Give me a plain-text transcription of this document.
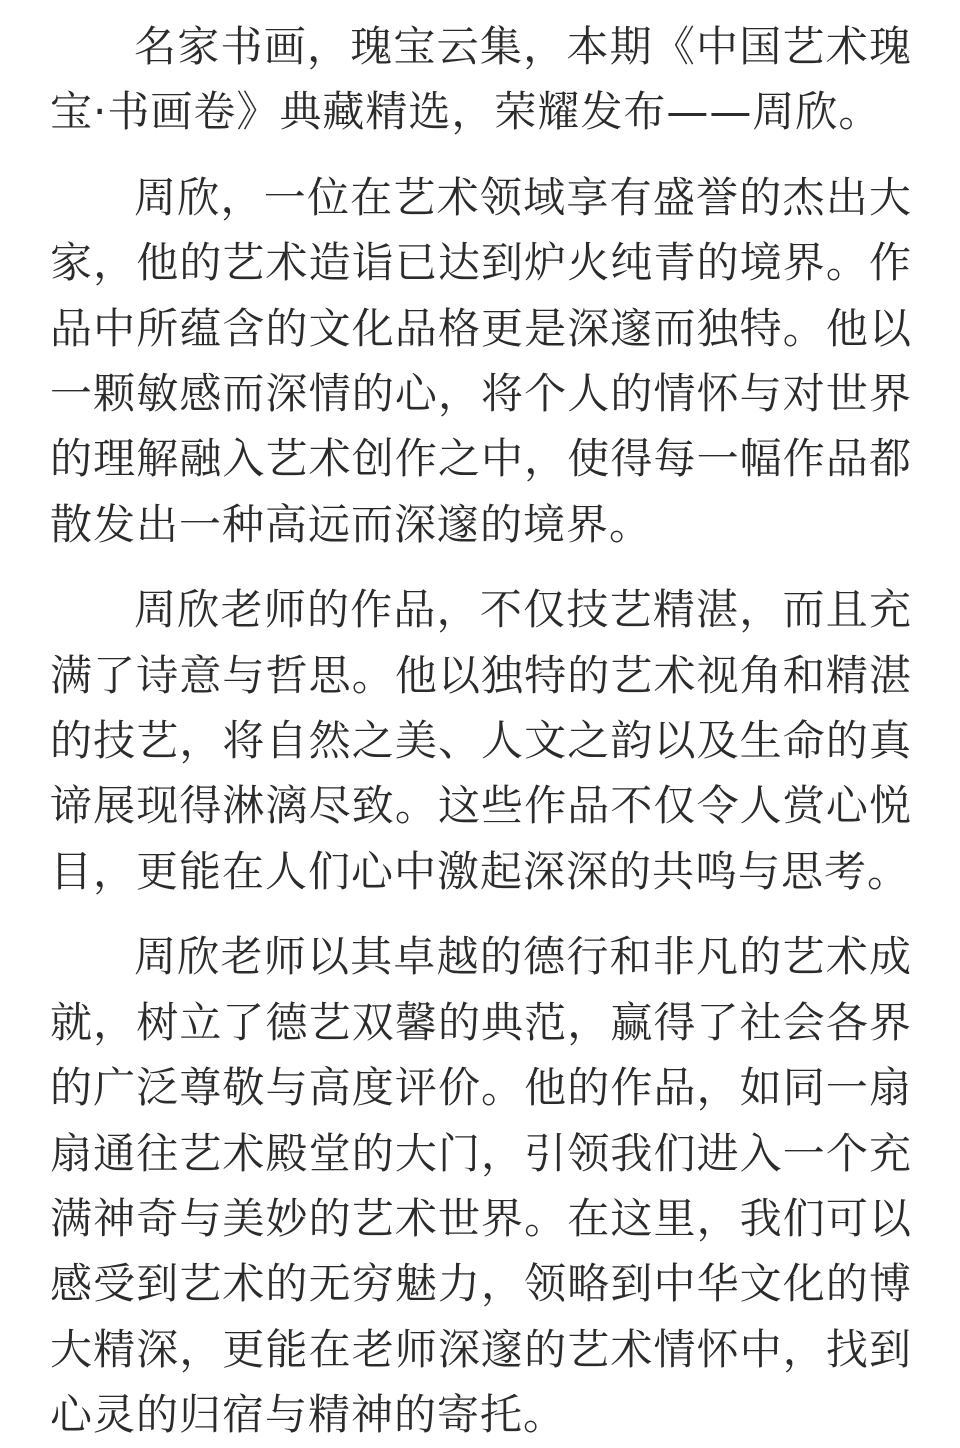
名家书画，瑰宝云集，本期《中国艺术瑰宝·书画卷》典藏精选，荣耀发布——周欣。

周欣，一位在艺术领域享有盛誉的杰出大家，他的艺术造诣已达到炉火纯青的境界。作品中所蕴含的文化品格更是深邃而独特。他以一颗敏感而深情的心，将个人的情怀与对世界的理解融入艺术创作之中，使得每一幅作品都散发出一种高远而深邃的境界。

周欣老师的作品，不仅技艺精湛，而且充满了诗意与哲思。他以独特的艺术视角和精湛的技艺，将自然之美、人文之韵以及生命的真谛展现得淋漓尽致。这些作品不仅令人赏心悦目，更能在人们心中激起深深的共鸣与思考。

周欣老师以其卓越的德行和非凡的艺术成就，树立了德艺双馨的典范，赢得了社会各界的广泛尊敬与高度评价。他的作品，如同一扇扇通往艺术殿堂的大门，引领我们进入一个充满神奇与美妙的艺术世界。在这里，我们可以感受到艺术的无穷魅力，领略到中华文化的博大精深，更能在老师深邃的艺术情怀中，找到心灵的归宿与精神的寄托。
